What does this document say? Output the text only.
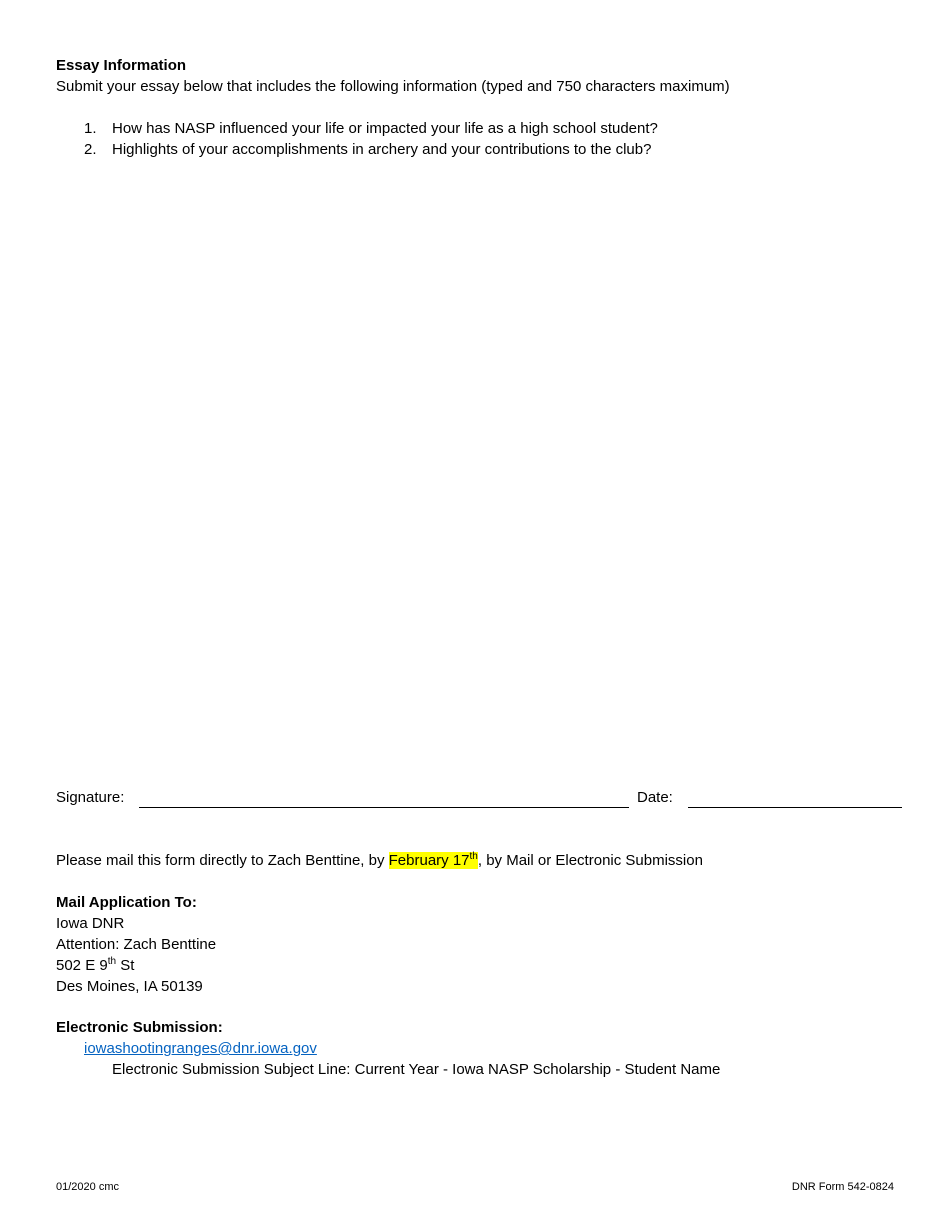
Essay Information
Submit your essay below that includes the following information (typed and 750 characters maximum)
1. How has NASP influenced your life or impacted your life as a high school student?
2. Highlights of your accomplishments in archery and your contributions to the club?
Signature:	Date:
Please mail this form directly to Zach Benttine, by February 17th, by Mail or Electronic Submission
Mail Application To:
Iowa DNR
Attention: Zach Benttine
502 E 9th St
Des Moines, IA 50139
Electronic Submission:
iowashootingranges@dnr.iowa.gov
Electronic Submission Subject Line: Current Year - Iowa NASP Scholarship - Student Name
01/2020 cmc	DNR Form 542-0824
